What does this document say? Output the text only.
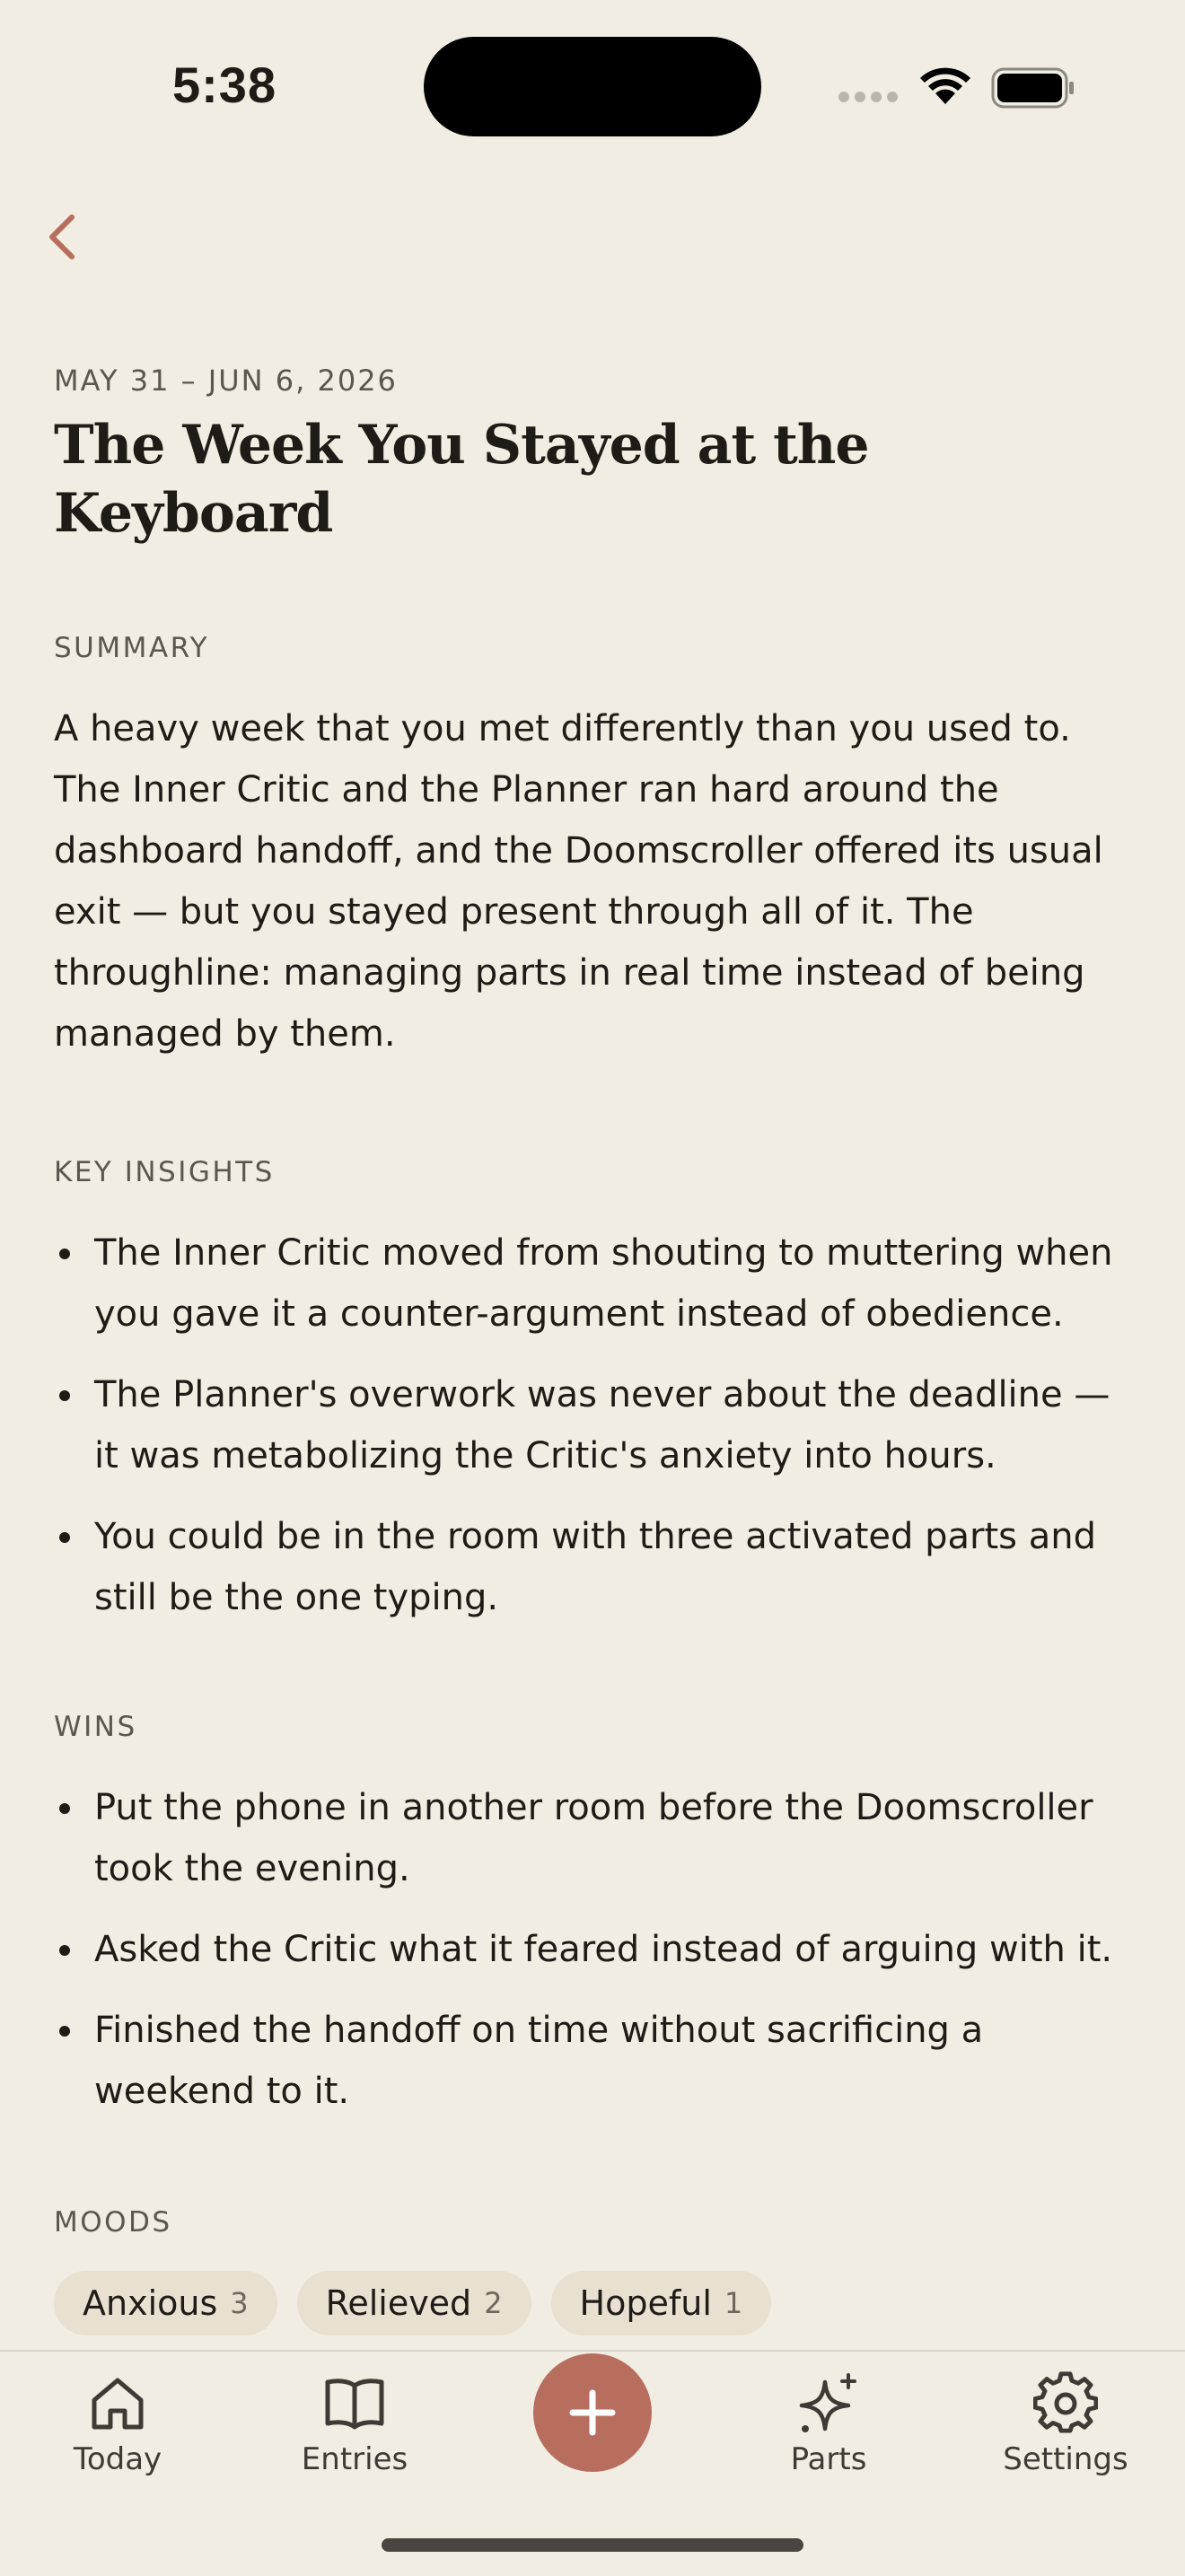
5:38

MAY 31 – JUN 6, 2026

The Week You Stayed at the Keyboard

SUMMARY

A heavy week that you met differently than you used to. The Inner Critic and the Planner ran hard around the dashboard handoff, and the Doomscroller offered its usual exit — but you stayed present through all of it. The throughline: managing parts in real time instead of being managed by them.

KEY INSIGHTS

The Inner Critic moved from shouting to muttering when you gave it a counter-argument instead of obedience.
The Planner's overwork was never about the deadline — it was metabolizing the Critic's anxiety into hours.
You could be in the room with three activated parts and still be the one typing.

WINS

Put the phone in another room before the Doomscroller took the evening.
Asked the Critic what it feared instead of arguing with it.
Finished the handoff on time without sacrificing a weekend to it.

MOODS

Anxious 3 Relieved 2 Hopeful 1

Today	Entries	Parts	Settings
